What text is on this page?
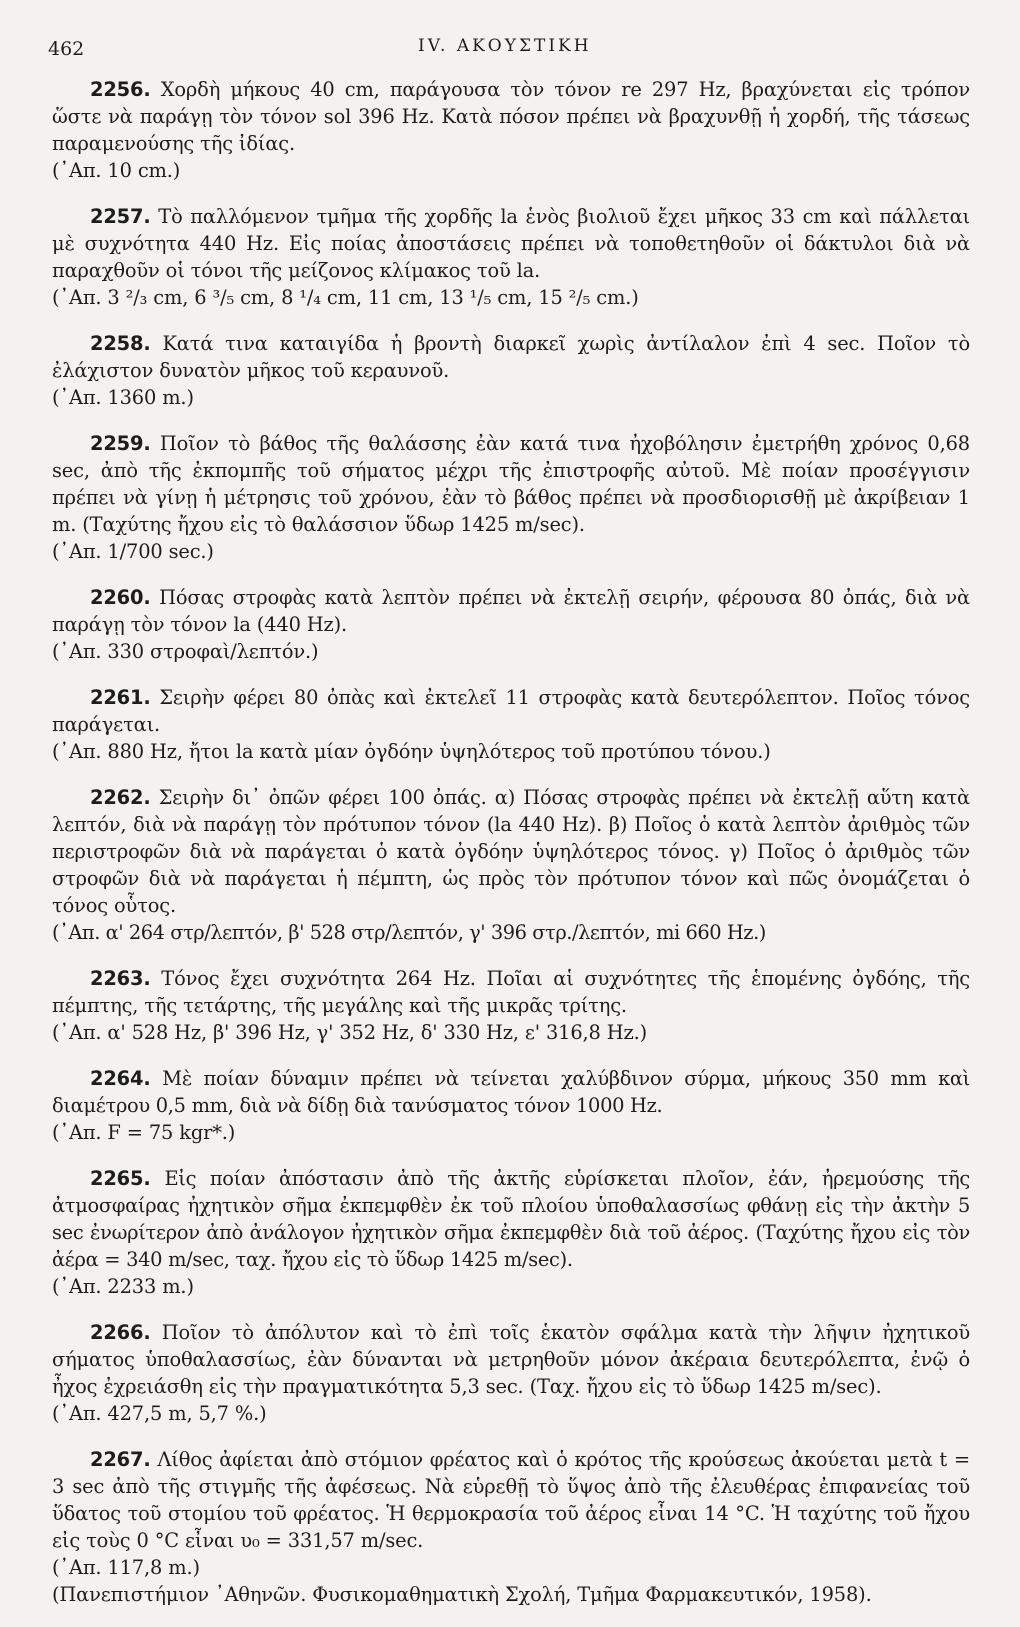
462	IV. ΑΚΟΥΣΤΙΚΗ

2256. Χορδὴ μήκους 40 cm, παράγουσα τὸν τόνον re 297 Hz, βραχύνεται εἰς τρόπον ὥστε νὰ παράγῃ τὸν τόνον sol 396 Hz. Κατὰ πόσον πρέπει νὰ βραχυνθῇ ἡ χορδή, τῆς τάσεως παραμενούσης τῆς ἰδίας.

(᾿Απ. 10 cm.)

2257. Τὸ παλλόμενον τμῆμα τῆς χορδῆς la ἑνὸς βιολιοῦ ἔχει μῆκος 33 cm καὶ πάλλεται μὲ συχνότητα 440 Hz. Εἰς ποίας ἀποστάσεις πρέπει νὰ τοποθετηθοῦν οἱ δάκτυλοι διὰ νὰ παραχθοῦν οἱ τόνοι τῆς μείζονος κλίμακος τοῦ la.

(᾿Απ. 3 ²/₃ cm, 6 ³/₅ cm, 8 ¹/₄ cm, 11 cm, 13 ¹/₅ cm, 15 ²/₅ cm.)

2258. Κατά τινα καταιγίδα ἡ βροντὴ διαρκεῖ χωρὶς ἀντίλαλον ἐπὶ 4 sec. Ποῖον τὸ ἐλάχιστον δυνατὸν μῆκος τοῦ κεραυνοῦ.

(᾿Απ. 1360 m.)

2259. Ποῖον τὸ βάθος τῆς θαλάσσης ἐὰν κατά τινα ἠχοβόλησιν ἐμετρήθη χρόνος 0,68 sec, ἀπὸ τῆς ἐκπομπῆς τοῦ σήματος μέχρι τῆς ἐπιστροφῆς αὐτοῦ. Μὲ ποίαν προσέγγισιν πρέπει νὰ γίνῃ ἡ μέτρησις τοῦ χρόνου, ἐὰν τὸ βάθος πρέπει νὰ προσδιορισθῇ μὲ ἀκρίβειαν 1 m. (Ταχύτης ἤχου εἰς τὸ θαλάσσιον ὕδωρ 1425 m/sec).

(᾿Απ. 1/700 sec.)

2260. Πόσας στροφὰς κατὰ λεπτὸν πρέπει νὰ ἐκτελῇ σειρήν, φέρουσα 80 ὀπάς, διὰ νὰ παράγῃ τὸν τόνον la (440 Hz).

(᾿Απ. 330 στροφαὶ/λεπτόν.)

2261. Σειρὴν φέρει 80 ὀπὰς καὶ ἐκτελεῖ 11 στροφὰς κατὰ δευτερόλεπτον. Ποῖος τόνος παράγεται.

(᾿Απ. 880 Hz, ἤτοι la κατὰ μίαν ὀγδόην ὑψηλότερος τοῦ προτύπου τόνου.)

2262. Σειρὴν δι᾿ ὀπῶν φέρει 100 ὀπάς. α) Πόσας στροφὰς πρέπει νὰ ἐκτελῇ αὕτη κατὰ λεπτόν, διὰ νὰ παράγῃ τὸν πρότυπον τόνον (la 440 Hz). β) Ποῖος ὁ κατὰ λεπτὸν ἀριθμὸς τῶν περιστροφῶν διὰ νὰ παράγεται ὁ κατὰ ὀγδόην ὑψηλότερος τόνος. γ) Ποῖος ὁ ἀριθμὸς τῶν στροφῶν διὰ νὰ παράγεται ἡ πέμπτη, ὡς πρὸς τὸν πρότυπον τόνον καὶ πῶς ὀνομάζεται ὁ τόνος οὗτος.

(᾿Απ. α' 264 στρ/λεπτόν, β' 528 στρ/λεπτόν, γ' 396 στρ./λεπτόν, mi 660 Hz.)

2263. Τόνος ἔχει συχνότητα 264 Hz. Ποῖαι αἱ συχνότητες τῆς ἑπομένης ὀγδόης, τῆς πέμπτης, τῆς τετάρτης, τῆς μεγάλης καὶ τῆς μικρᾶς τρίτης.

(᾿Απ. α' 528 Hz, β' 396 Hz, γ' 352 Hz, δ' 330 Hz, ε' 316,8 Hz.)

2264. Μὲ ποίαν δύναμιν πρέπει νὰ τείνεται χαλύβδινον σύρμα, μήκους 350 mm καὶ διαμέτρου 0,5 mm, διὰ νὰ δίδῃ διὰ τανύσματος τόνον 1000 Hz.

(᾿Απ. F = 75 kgr*.)

2265. Εἰς ποίαν ἀπόστασιν ἀπὸ τῆς ἀκτῆς εὑρίσκεται πλοῖον, ἐάν, ἠρεμούσης τῆς ἀτμοσφαίρας ἠχητικὸν σῆμα ἐκπεμφθὲν ἐκ τοῦ πλοίου ὑποθαλασσίως φθάνῃ εἰς τὴν ἀκτὴν 5 sec ἐνωρίτερον ἀπὸ ἀνάλογον ἠχητικὸν σῆμα ἐκπεμφθὲν διὰ τοῦ ἀέρος. (Ταχύτης ἤχου εἰς τὸν ἀέρα = 340 m/sec, ταχ. ἤχου εἰς τὸ ὕδωρ 1425 m/sec).

(᾿Απ. 2233 m.)

2266. Ποῖον τὸ ἀπόλυτον καὶ τὸ ἐπὶ τοῖς ἑκατὸν σφάλμα κατὰ τὴν λῆψιν ἠχητικοῦ σήματος ὑποθαλασσίως, ἐὰν δύνανται νὰ μετρηθοῦν μόνον ἀκέραια δευτερόλεπτα, ἐνῷ ὁ ἦχος ἐχρειάσθη εἰς τὴν πραγματικότητα 5,3 sec. (Ταχ. ἤχου εἰς τὸ ὕδωρ 1425 m/sec).

(᾿Απ. 427,5 m, 5,7 %.)

2267. Λίθος ἀφίεται ἀπὸ στόμιον φρέατος καὶ ὁ κρότος τῆς κρούσεως ἀκούεται μετὰ t = 3 sec ἀπὸ τῆς στιγμῆς τῆς ἀφέσεως. Νὰ εὑρεθῇ τὸ ὕψος ἀπὸ τῆς ἐλευθέρας ἐπιφανείας τοῦ ὕδατος τοῦ στομίου τοῦ φρέατος. Ἡ θερμοκρασία τοῦ ἀέρος εἶναι 14 °C. Ἡ ταχύτης τοῦ ἤχου εἰς τοὺς 0 °C εἶναι υ₀ = 331,57 m/sec.

(᾿Απ. 117,8 m.)

(Πανεπιστήμιον ᾿Αθηνῶν. Φυσικομαθηματικὴ Σχολή, Τμῆμα Φαρμακευτικόν, 1958).
